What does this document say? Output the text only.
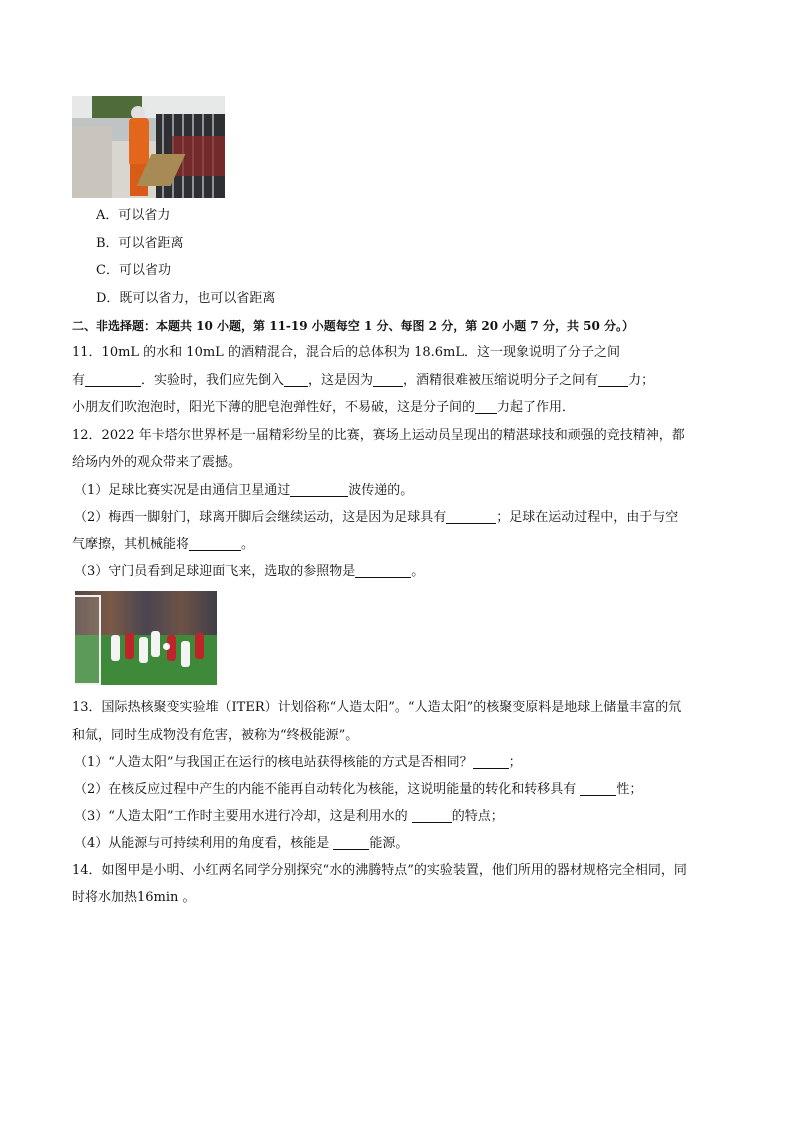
A．可以省力
B．可以省距离
C．可以省功
D．既可以省力，也可以省距离
二、非选择题：本题共 10 小题，第 11-19 小题每空 1 分、每图 2 分，第 20 小题 7 分，共 50 分。）
11．10mL 的水和 10mL 的酒精混合，混合后的总体积为 18.6mL．这一现象说明了分子之间
有	．实验时，我们应先倒入 ，这是因为 ，酒精很难被压缩说明分子之间有 力；
小朋友们吹泡泡时，阳光下薄的肥皂泡弹性好，不易破，这是分子间的 力起了作用．
12．2022 年卡塔尔世界杯是一届精彩纷呈的比赛，赛场上运动员呈现出的精湛球技和顽强的竞技精神，都
给场内外的观众带来了震撼。
（1）足球比赛实况是由通信卫星通过	波传递的。
（2）梅西一脚射门，球离开脚后会继续运动，这是因为足球具有	；足球在运动过程中，由于与空
气摩擦，其机械能将	。
（3）守门员看到足球迎面飞来，选取的参照物是	。
13．国际热核聚变实验堆（ITER）计划俗称“人造太阳”。“人造太阳”的核聚变原料是地球上储量丰富的氘
和氚，同时生成物没有危害，被称为“终极能源”。
（1）“人造太阳”与我国正在运行的核电站获得核能的方式是否相同？	；
（2）在核反应过程中产生的内能不能再自动转化为核能，这说明能量的转化和转移具有	性；
（3）“人造太阳”工作时主要用水进行冷却，这是利用水的	的特点；
（4）从能源与可持续利用的角度看，核能是	能源。
14．如图甲是小明、小红两名同学分别探究“水的沸腾特点”的实验装置，他们所用的器材规格完全相同，同
时将水加热16min 。
